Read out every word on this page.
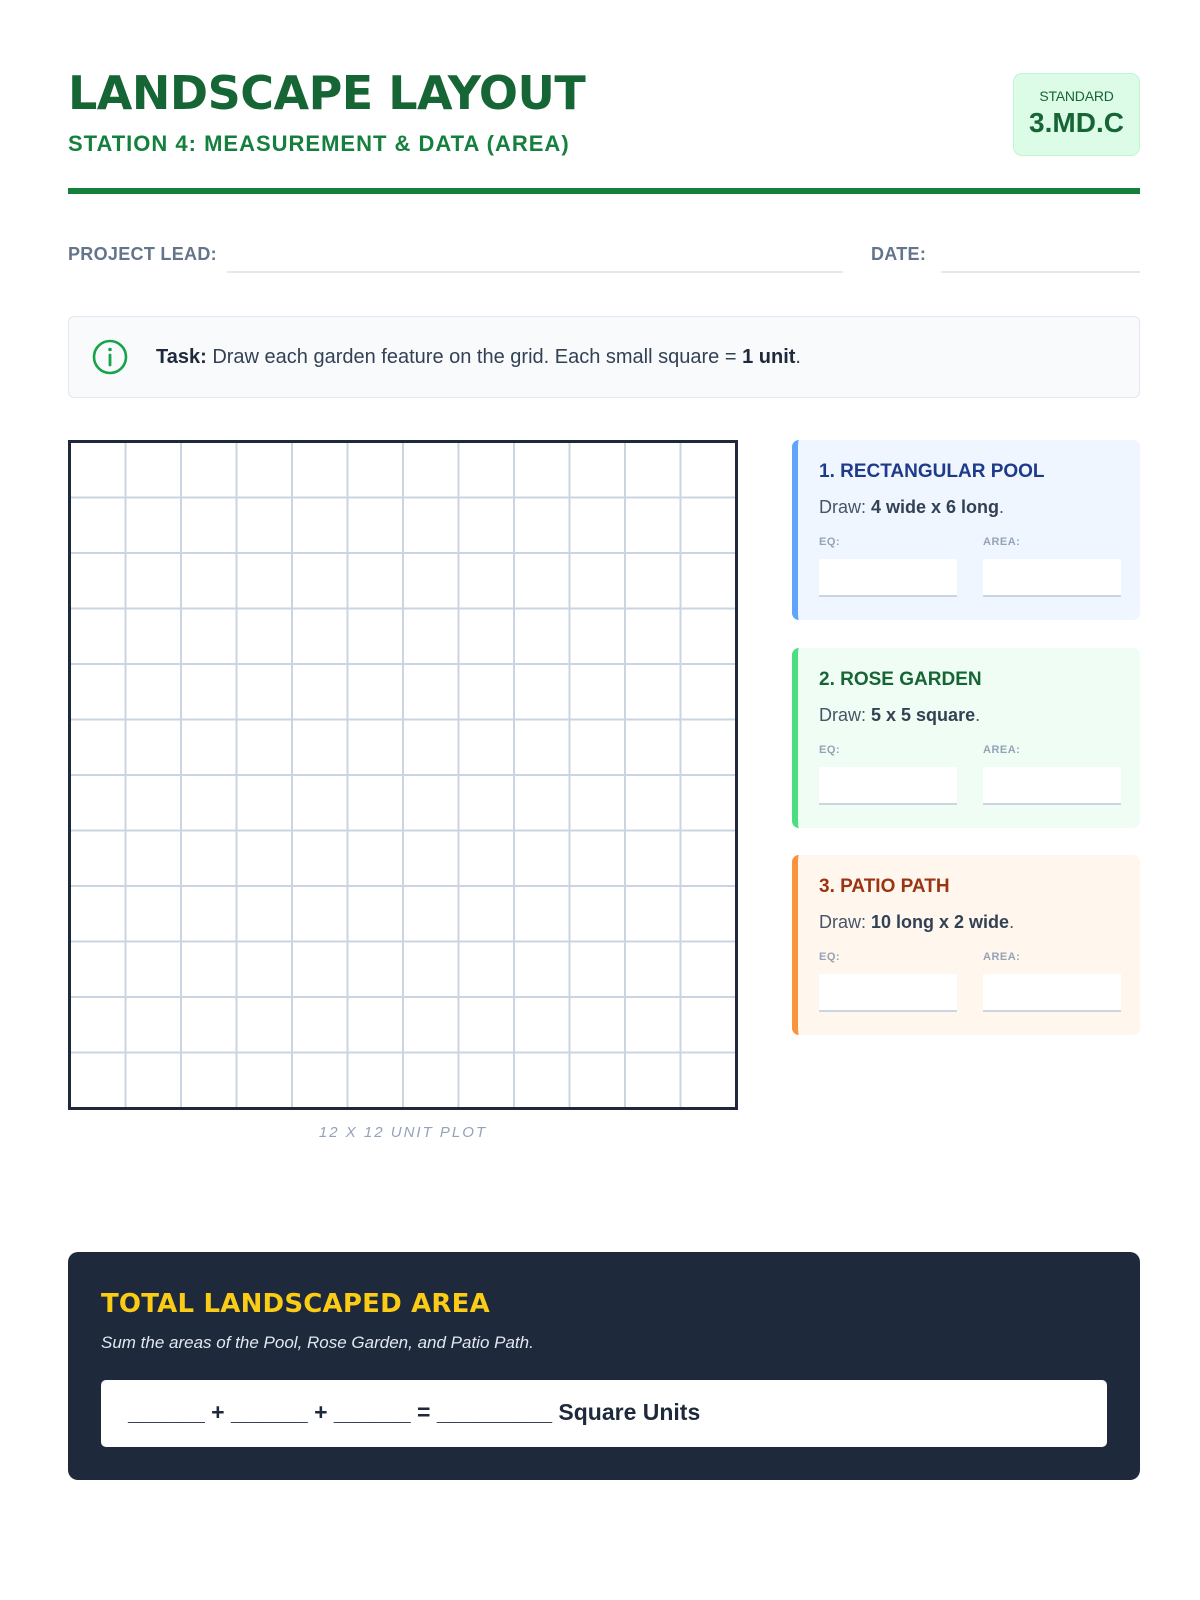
LANDSCAPE LAYOUT
STATION 4: MEASUREMENT & DATA (AREA)
STANDARD
3.MD.C
PROJECT LEAD:	DATE:
Task: Draw each garden feature on the grid. Each small square = 1 unit.
12 X 12 UNIT PLOT
1. RECTANGULAR POOL
Draw: 4 wide x 6 long.
EQ:	AREA:
2. ROSE GARDEN
Draw: 5 x 5 square.
EQ:	AREA:
3. PATIO PATH
Draw: 10 long x 2 wide.
EQ:	AREA:
TOTAL LANDSCAPED AREA
Sum the areas of the Pool, Rose Garden, and Patio Path.
______ + ______ + ______ = _________ Square Units
